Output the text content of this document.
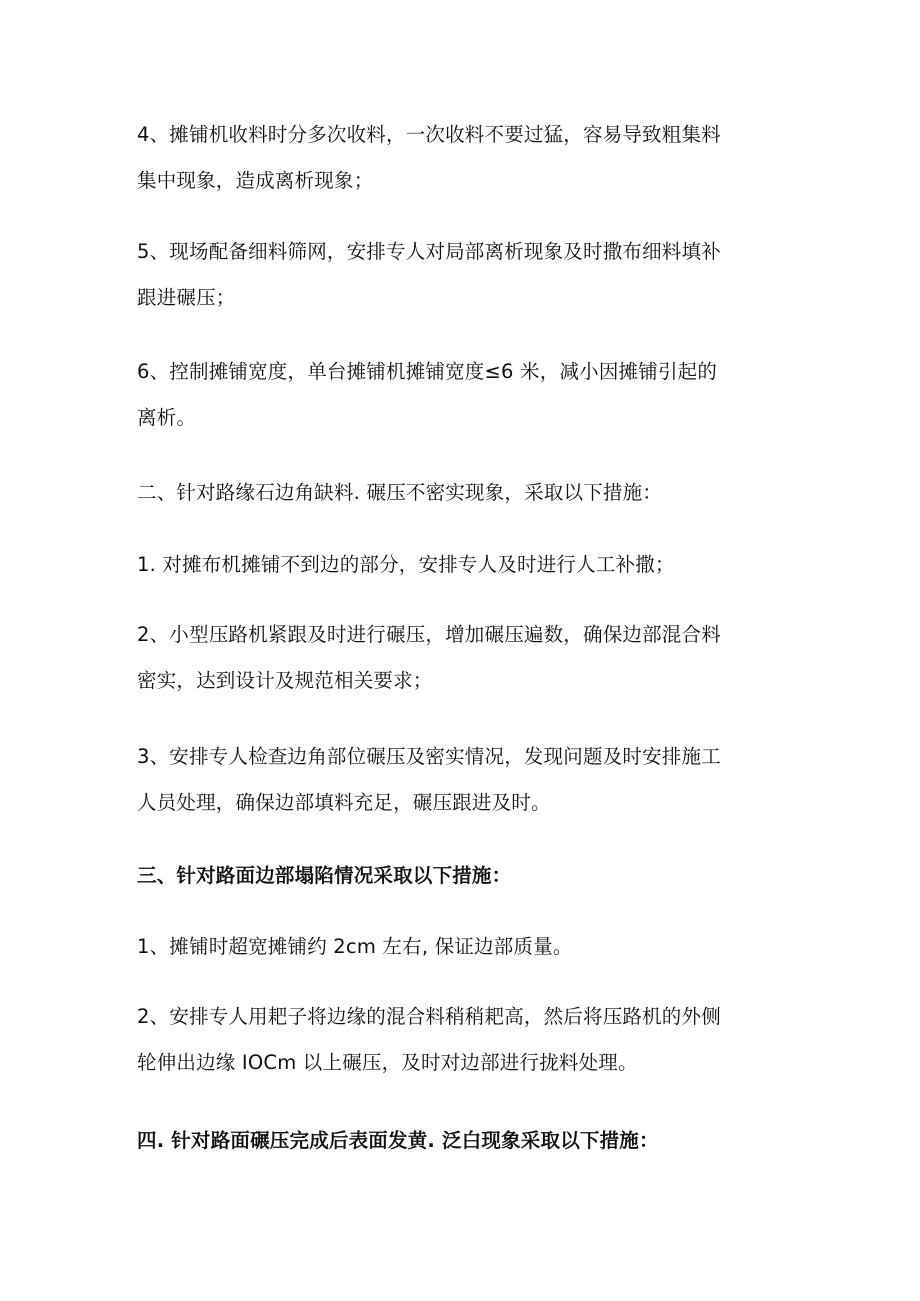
4、摊铺机收料时分多次收料，一次收料不要过猛，容易导致粗集料
集中现象，造成离析现象；

5、现场配备细料筛网，安排专人对局部离析现象及时撒布细料填补
跟进碾压；

6、控制摊铺宽度，单台摊铺机摊铺宽度≤6 米，减小因摊铺引起的
离析。

二、针对路缘石边角缺料. 碾压不密实现象，采取以下措施：

1. 对摊布机摊铺不到边的部分，安排专人及时进行人工补撒；

2、小型压路机紧跟及时进行碾压，增加碾压遍数，确保边部混合料
密实，达到设计及规范相关要求；

3、安排专人检查边角部位碾压及密实情况，发现问题及时安排施工
人员处理，确保边部填料充足，碾压跟进及时。

三、针对路面边部塌陷情况采取以下措施：

1、摊铺时超宽摊铺约 2cm 左右, 保证边部质量。

2、安排专人用耙子将边缘的混合料稍稍耙高，然后将压路机的外侧
轮伸出边缘 IOCm 以上碾压，及时对边部进行拢料处理。

四. 针对路面碾压完成后表面发黄. 泛白现象采取以下措施：
